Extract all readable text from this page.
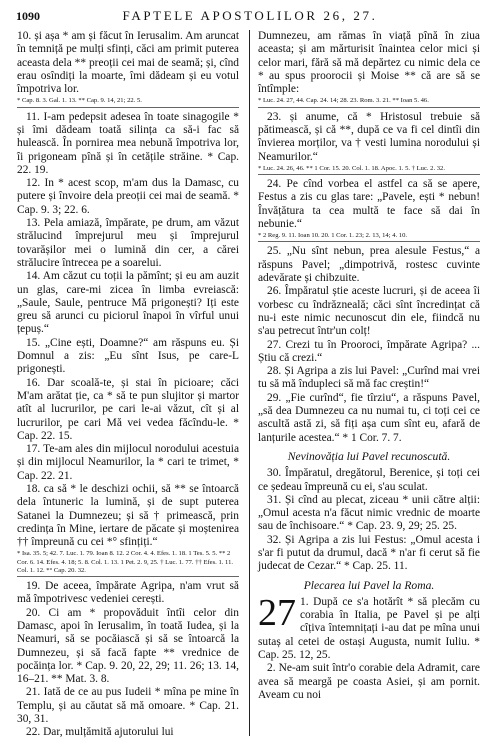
1090	FAPTELE APOSTOLILOR 26, 27.

10. și așa * am și făcut în Ierusalim. Am aruncat în temniță pe mulți sfinți, căci am primit puterea aceasta dela ** preoții cei mai de seamă; și, cînd erau osîndiți la moarte, îmi dădeam și eu votul împotriva lor.

* Cap. 8. 3. Gal. 1. 13. ** Cap. 9. 14, 21; 22. 5.

11. I-am pedepsit adesea în toate sinagogile * și îmi dădeam toată silința ca să-i fac să hulească. În pornirea mea nebună împotriva lor, îi prigoneam pînă și în cetățile străine. * Cap. 22. 19.

12. In * acest scop, m'am dus la Damasc, cu putere și învoire dela preoții cei mai de seamă. * Cap. 9. 3; 22. 6.

13. Pela amiază, împărate, pe drum, am văzut strălucind împrejurul meu și împrejurul tovarășilor mei o lumină din cer, a cărei strălucire întrecea pe a soarelui.

14. Am căzut cu toții la pămînt; și eu am auzit un glas, care-mi zicea în limba evreiască: „Saule, Saule, pentruce Mă prigonești? Iți este greu să arunci cu piciorul înapoi în vîrful unui țepuș.“

15. „Cine ești, Doamne?“ am răspuns eu. Și Domnul a zis: „Eu sînt Isus, pe care-L prigonești.

16. Dar scoală-te, și stai în picioare; căci M'am arătat ție, ca * să te pun slujitor și martor atît al lucrurilor, pe cari le-ai văzut, cît și al lucrurilor, pe cari Mă vei vedea făcîndu-le. * Cap. 22. 15.

17. Te-am ales din mijlocul norodului acestuia și din mijlocul Neamurilor, la * cari te trimet, * Cap. 22. 21.

18. ca să * le deschizi ochii, să ** se întoarcă dela întuneric la lumină, și de supt puterea Satanei la Dumnezeu; și să † primească, prin credința în Mine, iertare de păcate și moștenirea †† împreună cu cei *° sfințiți.“

* Isa. 35. 5; 42. 7. Luc. 1. 79. Ioan 8. 12. 2 Cor. 4. 4. Efes. 1. 18. 1 Tes. 5. 5. ** 2 Cor. 6. 14. Efes. 4. 18; 5. 8. Col. 1. 13. 1 Pet. 2. 9, 25. † Luc. 1. 77. †† Efes. 1. 11. Col. 1. 12. *° Cap. 20. 32.

19. De aceea, împărate Agripa, n'am vrut să mă împotrivesc vedeniei cerești.

20. Ci am * propovăduit întîi celor din Damasc, apoi în Ierusalim, în toată Iudea, și la Neamuri, să se pocăiască și să se întoarcă la Dumnezeu, și să facă fapte ** vrednice de pocăința lor. * Cap. 9. 20, 22, 29; 11. 26; 13. 14, 16–21. ** Mat. 3. 8.

21. Iată de ce au pus Iudeii * mîna pe mine în Templu, și au căutat să mă omoare. * Cap. 21. 30, 31.

22. Dar, mulțămită ajutorului lui

Dumnezeu, am rămas în viață pînă în ziua aceasta; și am mărturisit înaintea celor mici și celor mari, fără să mă depărtez cu nimic dela ce * au spus proorocii și Moise ** că are să se întîmple:

* Luc. 24. 27, 44. Cap. 24. 14; 28. 23. Rom. 3. 21. ** Ioan 5. 46.

23. și anume, că * Hristosul trebuie să pătimească, și că **, după ce va fi cel dintîi din învierea morților, va † vesti lumina norodului și Neamurilor.“

* Luc. 24. 26, 46. ** 1 Cor. 15. 20. Col. 1. 18. Apoc. 1. 5. † Luc. 2. 32.

24. Pe cînd vorbea el astfel ca să se apere, Festus a zis cu glas tare: „Pavele, ești * nebun! Învățătura ta cea multă te face să dai în nebunie.“

* 2 Reg. 9. 11. Ioan 10. 20. 1 Cor. 1. 23; 2. 13, 14; 4. 10.

25. „Nu sînt nebun, prea alesule Festus,“ a răspuns Pavel; „dimpotrivă, rostesc cuvinte adevărate și chibzuite.

26. Împăratul știe aceste lucruri, și de aceea îi vorbesc cu îndrăzneală; căci sînt încredințat că nu-i este nimic necunoscut din ele, fiindcă nu s'au petrecut într'un colț!

27. Crezi tu în Prooroci, împărate Agripa? ... Știu că crezi.“

28. Și Agripa a zis lui Pavel: „Curînd mai vrei tu să mă îndupleci să mă fac creștin!“

29. „Fie curînd“, fie tîrziu“, a răspuns Pavel, „să dea Dumnezeu ca nu numai tu, ci toți cei ce ascultă astă zi, să fiți așa cum sînt eu, afară de lanțurile acestea.“ * 1 Cor. 7. 7.

Nevinovăția lui Pavel recunoscută.

30. Împăratul, dregătorul, Berenice, și toți cei ce ședeau împreună cu ei, s'au sculat.

31. Și cînd au plecat, ziceau * unii către alții: „Omul acesta n'a făcut nimic vrednic de moarte sau de închisoare.“ * Cap. 23. 9, 29; 25. 25.

32. Și Agripa a zis lui Festus: „Omul acesta i s'ar fi putut da drumul, dacă * n'ar fi cerut să fie judecat de Cezar.“ * Cap. 25. 11.

Plecarea lui Pavel la Roma.

27 1. După ce s'a hotărît * să plecăm cu corabia în Italia, pe Pavel și pe alți cîțiva întemnițați i-au dat pe mîna unui sutaș al cetei de ostași Augusta, numit Iuliu. * Cap. 25. 12, 25.

2. Ne-am suit într'o corabie dela Adramit, care avea să meargă pe coasta Asiei, și am pornit. Aveam cu noi
